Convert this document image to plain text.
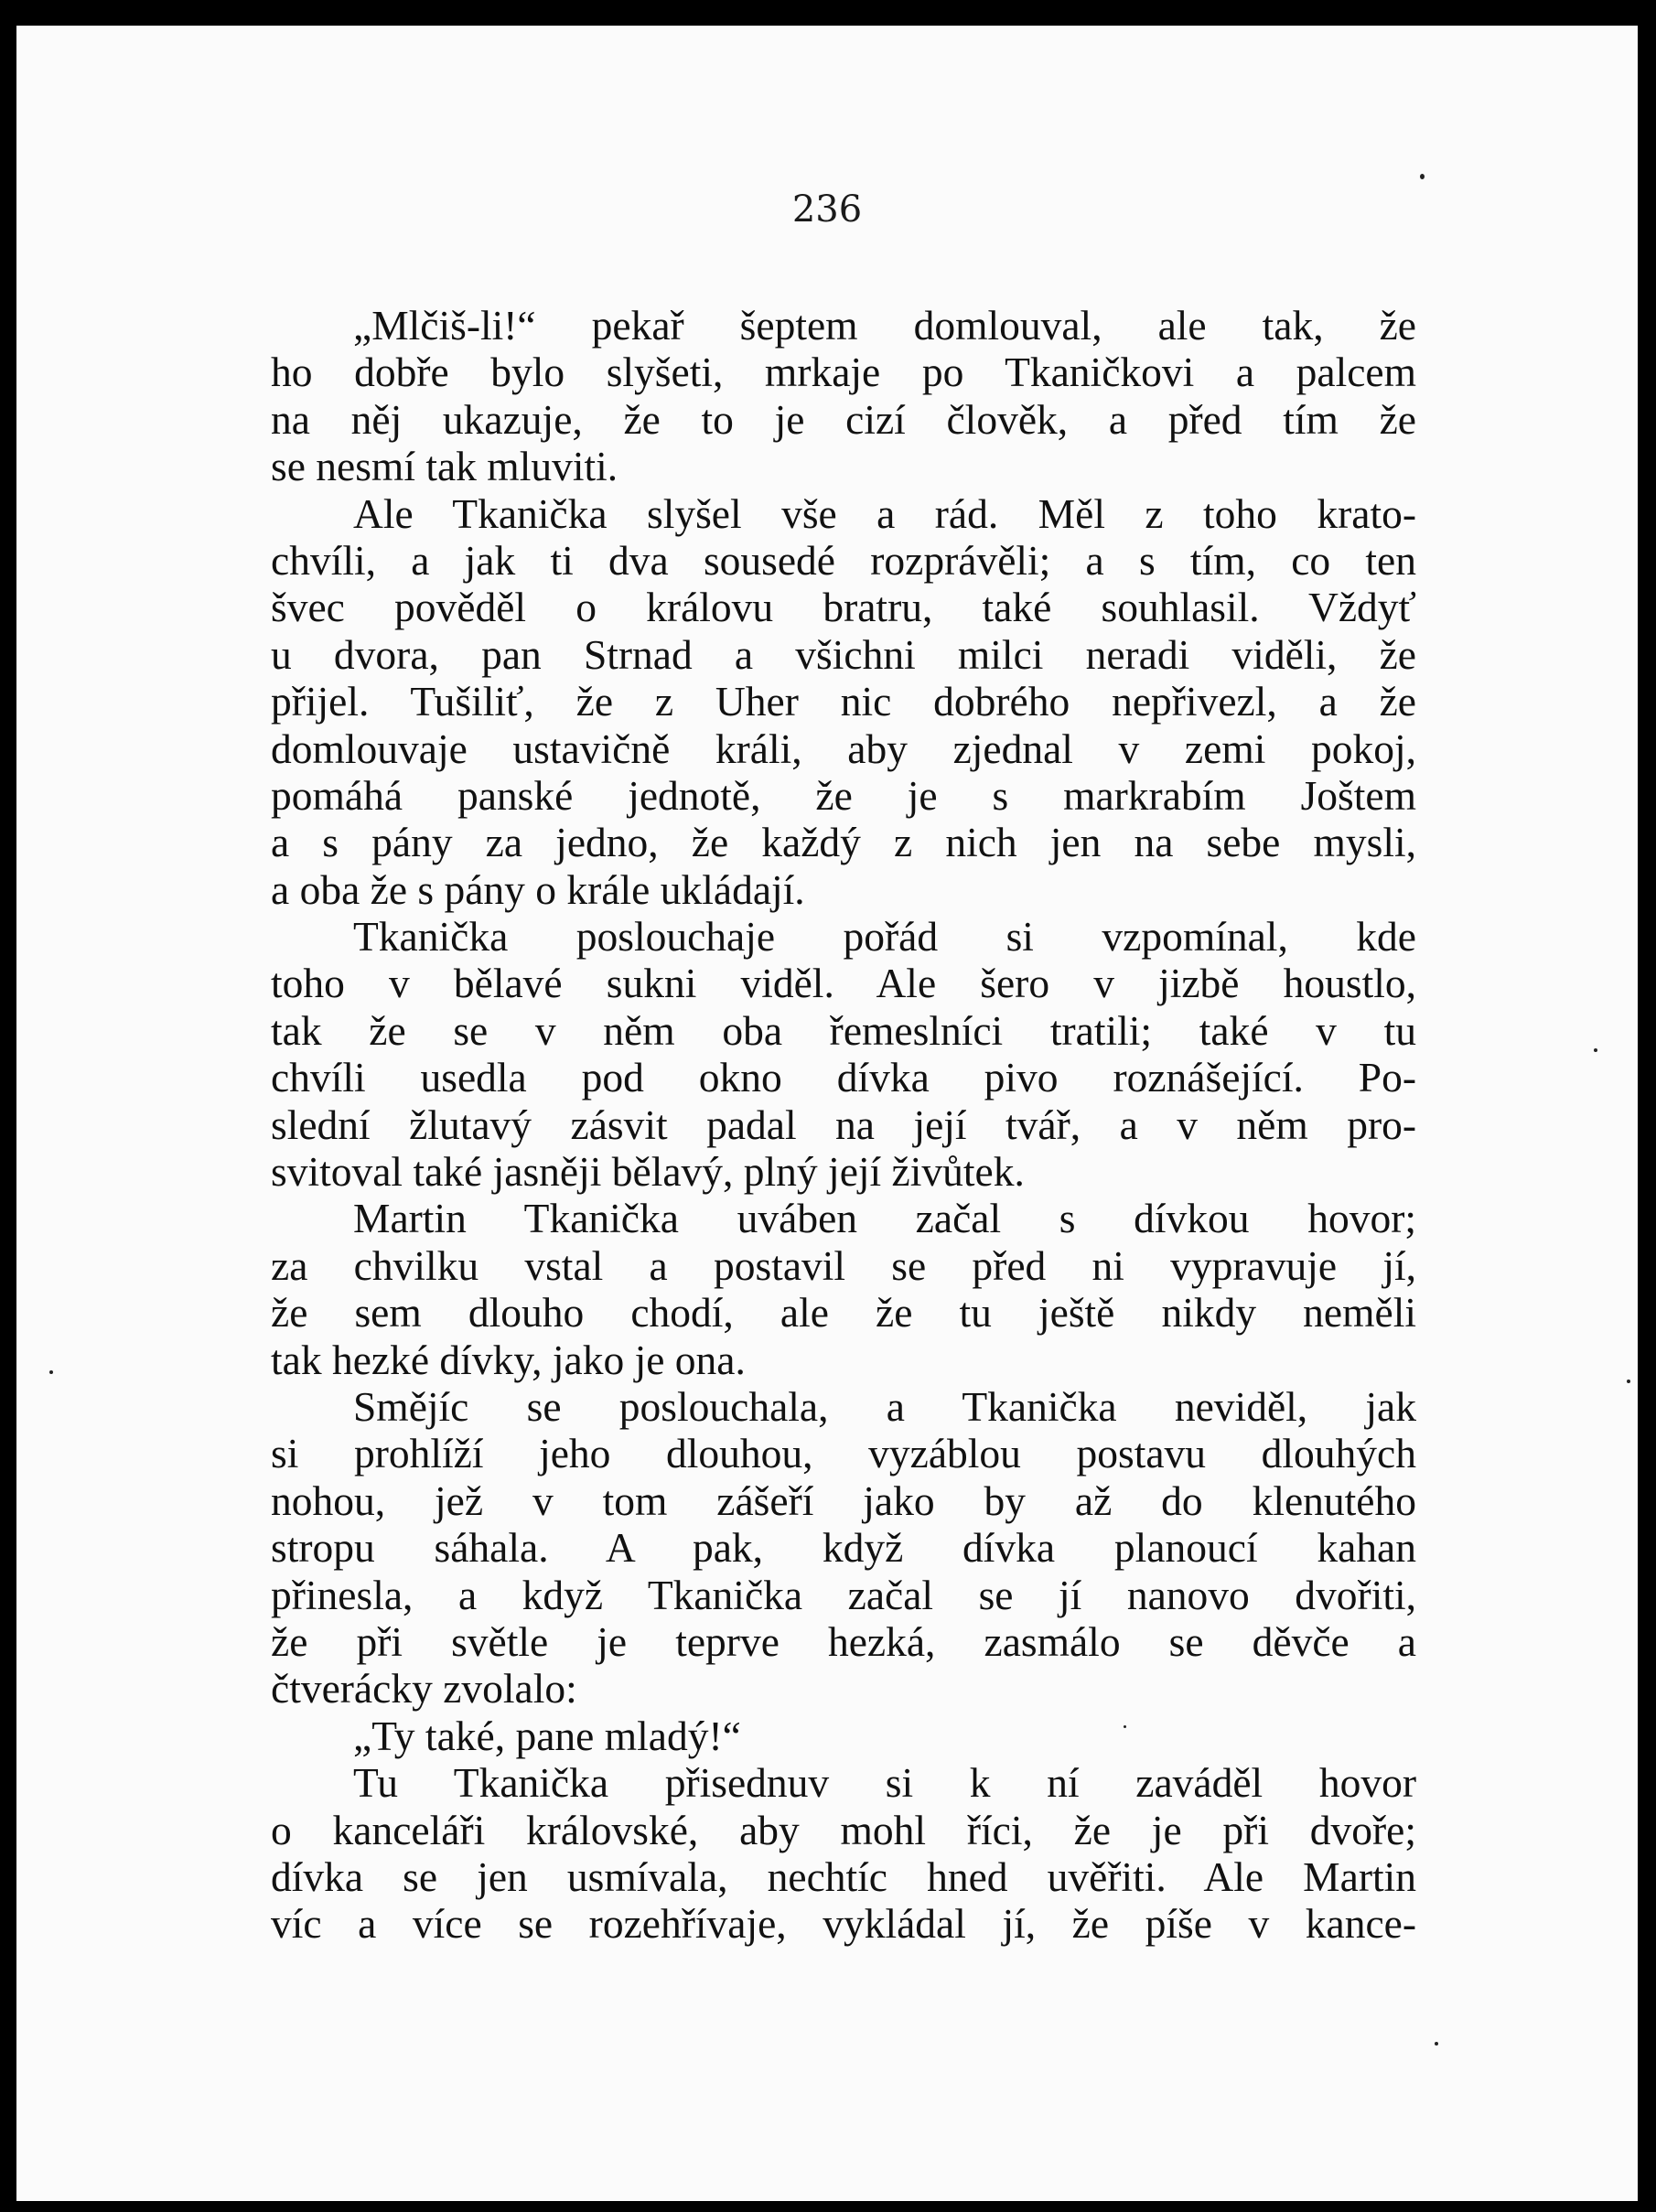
236

„Mlčiš-li!“ pekař šeptem domlouval, ale tak, že
ho dobře bylo slyšeti, mrkaje po Tkaničkovi a palcem
na něj ukazuje, že to je cizí člověk, a před tím že
se nesmí tak mluviti.
Ale Tkanička slyšel vše a rád. Měl z toho krato-
chvíli, a jak ti dva sousedé rozprávěli; a s tím, co ten
švec pověděl o královu bratru, také souhlasil. Vždyť
u dvora, pan Strnad a všichni milci neradi viděli, že
přijel. Tušiliť, že z Uher nic dobrého nepřivezl, a že
domlouvaje ustavičně králi, aby zjednal v zemi pokoj,
pomáhá panské jednotě, že je s markrabím Joštem
a s pány za jedno, že každý z nich jen na sebe mysli,
a oba že s pány o krále ukládají.
Tkanička poslouchaje pořád si vzpomínal, kde
toho v bělavé sukni viděl. Ale šero v jizbě houstlo,
tak že se v něm oba řemeslníci tratili; také v tu
chvíli usedla pod okno dívka pivo roznášející. Po-
slední žlutavý zásvit padal na její tvář, a v něm pro-
svitoval také jasněji bělavý, plný její živůtek.
Martin Tkanička uváben začal s dívkou hovor;
za chvilku vstal a postavil se před ni vypravuje jí,
že sem dlouho chodí, ale že tu ještě nikdy neměli
tak hezké dívky, jako je ona.
Smějíc se poslouchala, a Tkanička neviděl, jak
si prohlíží jeho dlouhou, vyzáblou postavu dlouhých
nohou, jež v tom zášeří jako by až do klenutého
stropu sáhala. A pak, když dívka planoucí kahan
přinesla, a když Tkanička začal se jí nanovo dvořiti,
že při světle je teprve hezká, zasmálo se děvče a
čtverácky zvolalo:
„Ty také, pane mladý!“
Tu Tkanička přisednuv si k ní zaváděl hovor
o kanceláři královské, aby mohl říci, že je při dvoře;
dívka se jen usmívala, nechtíc hned uvěřiti. Ale Martin
víc a více se rozehřívaje, vykládal jí, že píše v kance-
